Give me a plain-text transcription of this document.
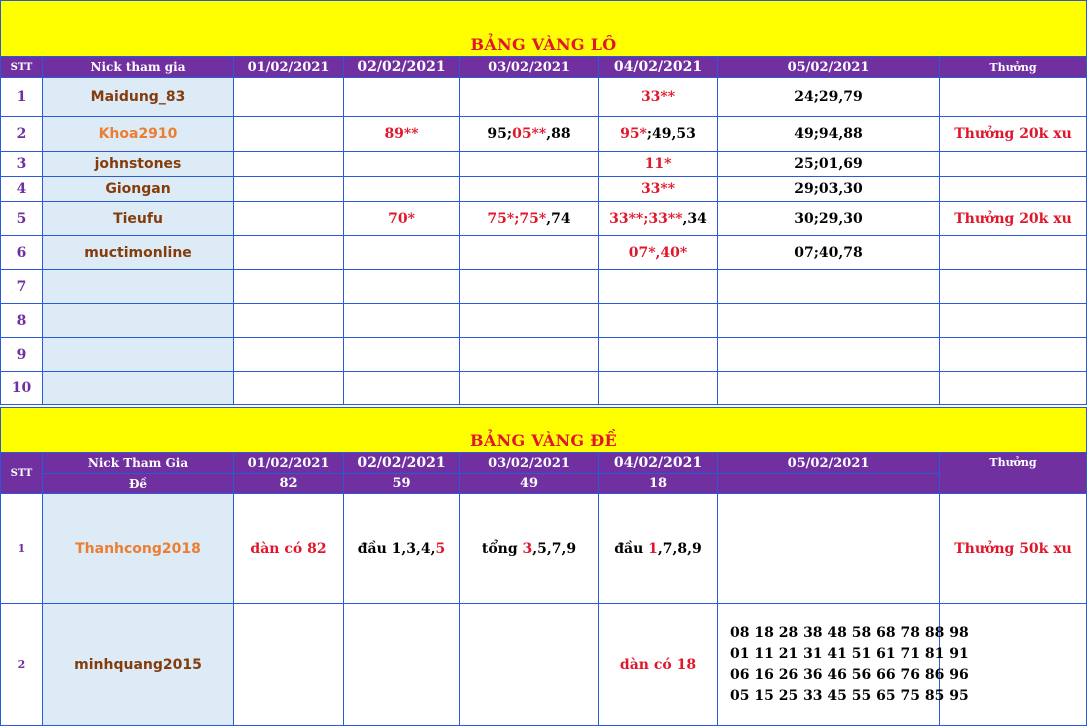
BẢNG VÀNG LÔ							
STT	Nick tham gia	01/02/2021	02/02/2021	03/02/2021	04/02/2021	05/02/2021	Thưởng
1	Maidung_83				33**	24;29,79	
2	Khoa2910		89**	95;05**,88	95*;49,53	49;94,88	Thưởng 20k xu
3	johnstones				11*	25;01,69	
4	Giongan				33**	29;03,30	
5	Tieufu		70*	75*;75*,74	33**;33**,34	30;29,30	Thưởng 20k xu
6	muctimonline				07*,40*	07;40,78	
7							
8							
9							
10							
BẢNG VÀNG ĐỀ							
STT	Nick Tham Gia	01/02/2021	02/02/2021	03/02/2021	04/02/2021	05/02/2021	Thưởng
	Đề	82	59	49	18		
1	Thanhcong2018	dàn có 82	đầu 1,3,4,5	tổng 3,5,7,9	đầu 1,7,8,9		Thưởng 50k xu
2	minhquang2015				dàn có 18	08 18 28 38 48 58 68 78 88 98
01 11 21 31 41 51 61 71 81 91
06 16 26 36 46 56 66 76 86 96
05 15 25 33 45 55 65 75 85 95	
